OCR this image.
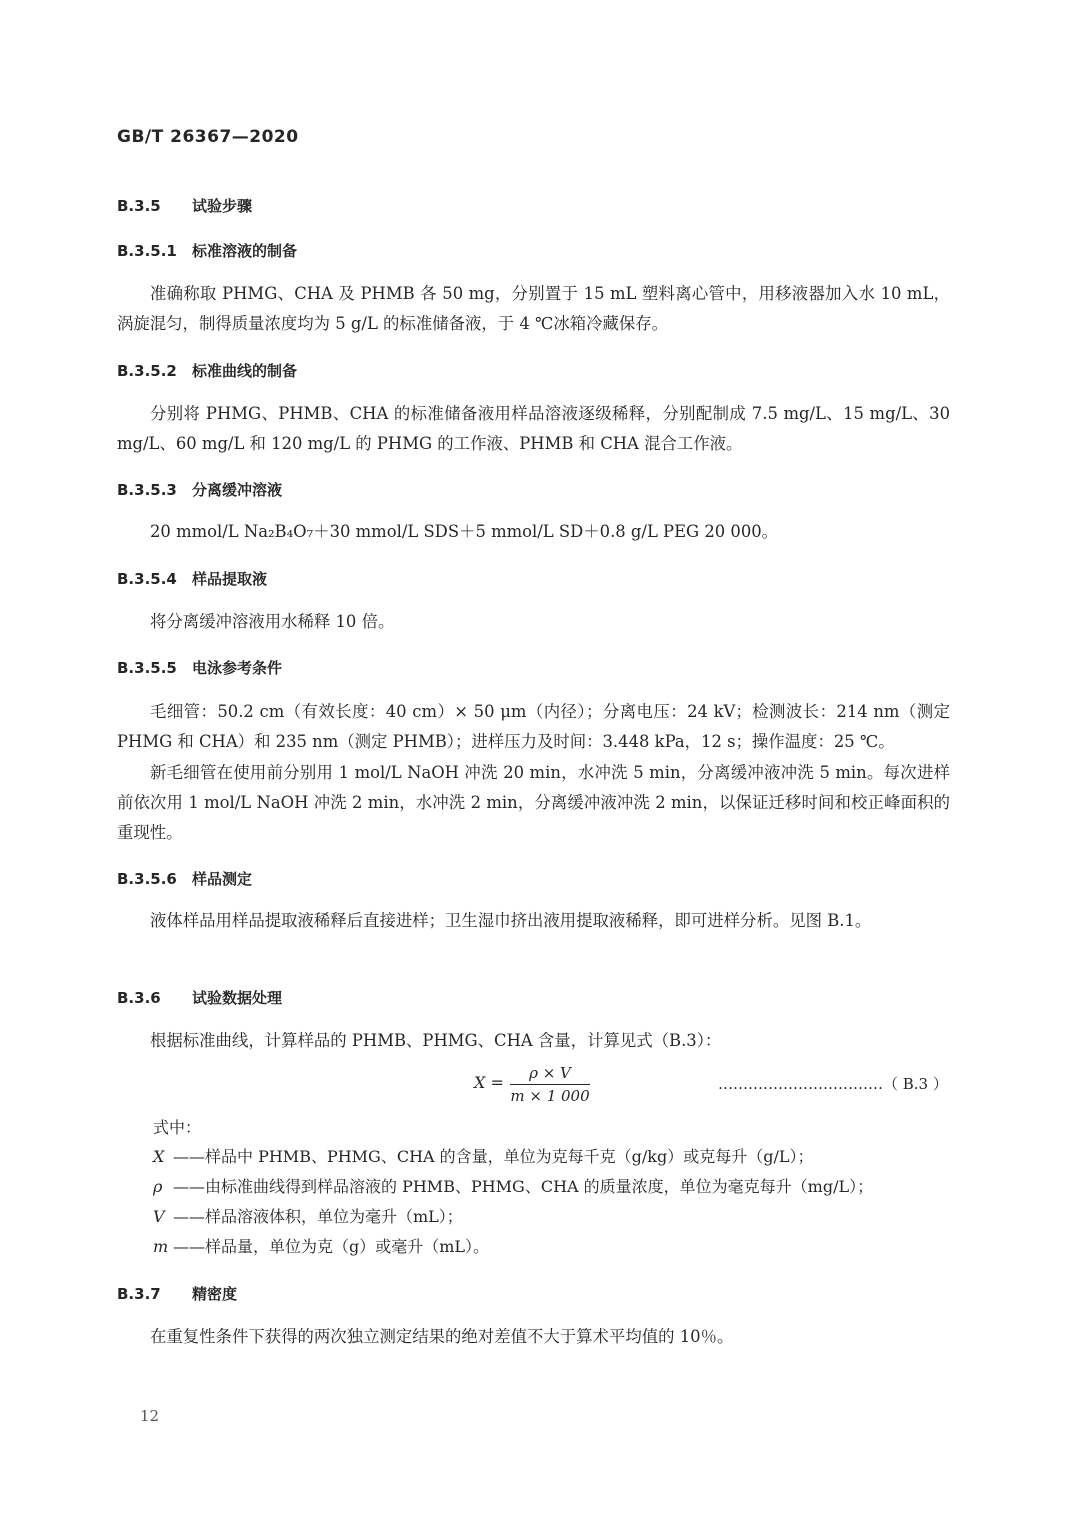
GB/T 26367—2020
B.3.5 试验步骤
B.3.5.1 标准溶液的制备

准确称取 PHMG、CHA 及 PHMB 各 50 mg，分别置于 15 mL 塑料离心管中，用移液器加入水 10 mL，涡旋混匀，制得质量浓度均为 5 g/L 的标准储备液，于 4 ℃冰箱冷藏保存。

B.3.5.2 标准曲线的制备

分别将 PHMG、PHMB、CHA 的标准储备液用样品溶液逐级稀释，分别配制成 7.5 mg/L、15 mg/L、30 mg/L、60 mg/L 和 120 mg/L 的 PHMG 的工作液、PHMB 和 CHA 混合工作液。

B.3.5.3 分离缓冲溶液

20 mmol/L Na₂B₄O₇＋30 mmol/L SDS＋5 mmol/L SD＋0.8 g/L PEG 20 000。

B.3.5.4 样品提取液

将分离缓冲溶液用水稀释 10 倍。

B.3.5.5 电泳参考条件

毛细管：50.2 cm（有效长度：40 cm）× 50 μm（内径）；分离电压：24 kV；检测波长：214 nm（测定 PHMG 和 CHA）和 235 nm（测定 PHMB）；进样压力及时间：3.448 kPa，12 s；操作温度：25 ℃。

新毛细管在使用前分别用 1 mol/L NaOH 冲洗 20 min，水冲洗 5 min，分离缓冲液冲洗 5 min。每次进样前依次用 1 mol/L NaOH 冲洗 2 min，水冲洗 2 min，分离缓冲液冲洗 2 min，以保证迁移时间和校正峰面积的重现性。

B.3.5.6 样品测定

液体样品用样品提取液稀释后直接进样；卫生湿巾挤出液用提取液稀释，即可进样分析。见图 B.1。

B.3.6 试验数据处理

根据标准曲线，计算样品的 PHMB、PHMG、CHA 含量，计算见式（B.3）：

X =	ρ × V
m × 1 000
……………………………（ B.3 ）
式中：
X ——样品中 PHMB、PHMG、CHA 的含量，单位为克每千克（g/kg）或克每升（g/L）；
ρ ——由标准曲线得到样品溶液的 PHMB、PHMG、CHA 的质量浓度，单位为毫克每升（mg/L）；
V ——样品溶液体积，单位为毫升（mL）；
m ——样品量，单位为克（g）或毫升（mL）。
B.3.7 精密度

在重复性条件下获得的两次独立测定结果的绝对差值不大于算术平均值的 10％。

12
